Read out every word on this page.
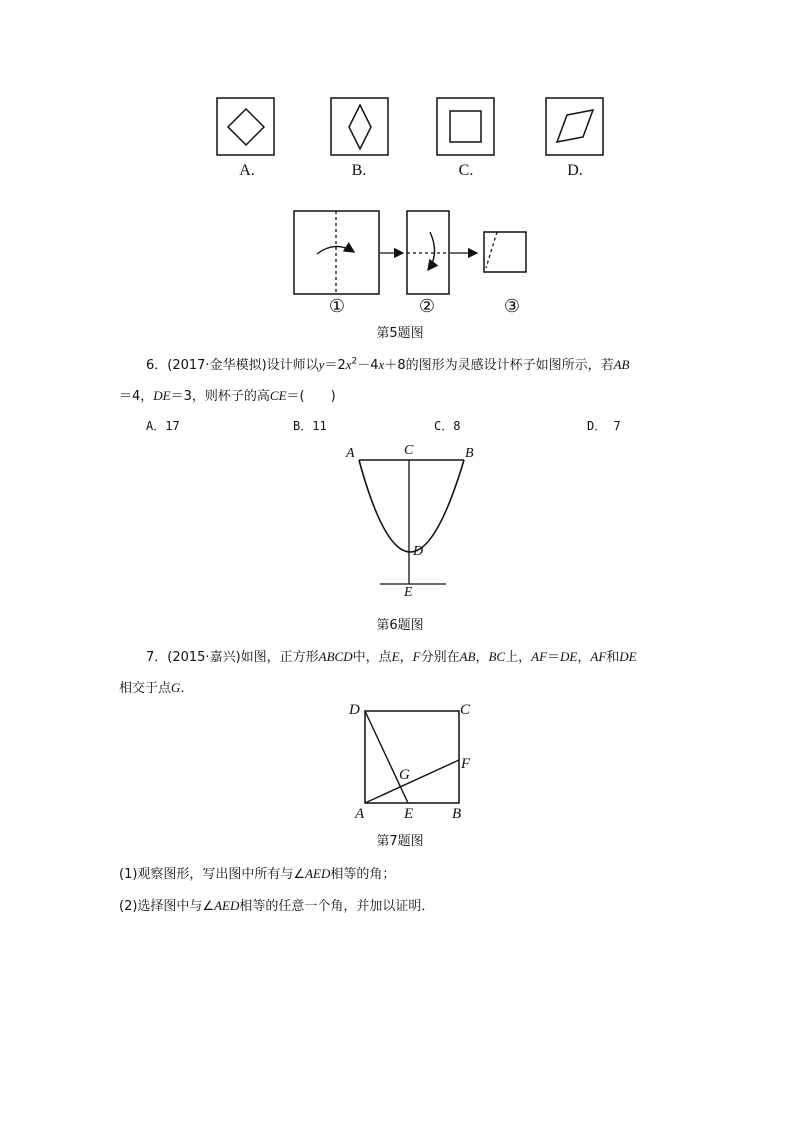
A.	B.	C.	D.
①	②	③
第5题图
6．(2017·金华模拟)设计师以$y=2x^2-4x+8$的图形为灵感设计杯子如图所示，若AB
＝4，DE＝3，则杯子的高CE＝(　　)
A．17	B．11	C．8	D． 7
A	C	B
D
E
第6题图
7．(2015·嘉兴)如图，正方形ABCD中，点E，F分别在AB，BC上，AF＝DE，AF和DE
相交于点G.
D	C
F
G
A	E	B
第7题图
(1)观察图形，写出图中所有与∠AED相等的角；
(2)选择图中与∠AED相等的任意一个角，并加以证明．
